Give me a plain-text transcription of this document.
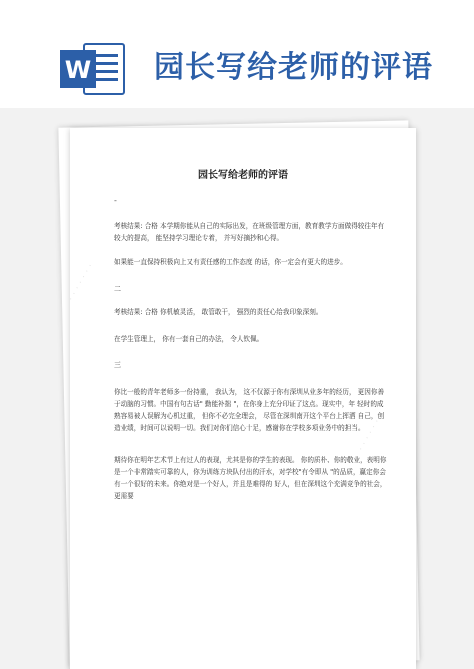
W 园长写给老师的评语
· · · · · · ·
· · · · · · ·
园长写给老师的评语
-
考核结果: 合格 本学期你能从自己的实际出发，在班级管理方面，教育教学方面做得较往年有较大的提高， 能坚持学习理论专着， 并写好摘抄和心得。
如果能一直保持积极向上又有责任感的工作态度 的话，你一定会有更大的进步。
二
考核结果: 合格 你机敏灵活， 敢管敢干， 强烈的责任心给我印象深刻。
在学生管理上， 你有一套自己的办法， 令人钦佩。
三
你比一般的青年老师多一份持重， 我认为， 这不仅源于你有深圳从业多年的经历， 更因你善于动脑的习惯。中国有句古话" 勤能补拙 "，在你身上充分印证了这点。现实中，年 轻时的成熟容易被人误解为心机过重， 但你不必完全理会， 尽管在深圳南开这个平台上挥洒 自己，创造业绩，时间可以说明一切。我们对你们信心十足，感谢你在学校多项业务中的担当。
期待你在明年艺术节上有过人的表现，尤其是你的学生的表现。 你的质朴、你的敬业，表明你是一个非常踏实可靠的人，你为训练方块队付出的汗水，对学校"有令即从 "的品质，赢定你会有一个很好的未来。你绝对是一个好人，并且是难得的 好人，但在深圳这个充满竞争的社会，更需要
